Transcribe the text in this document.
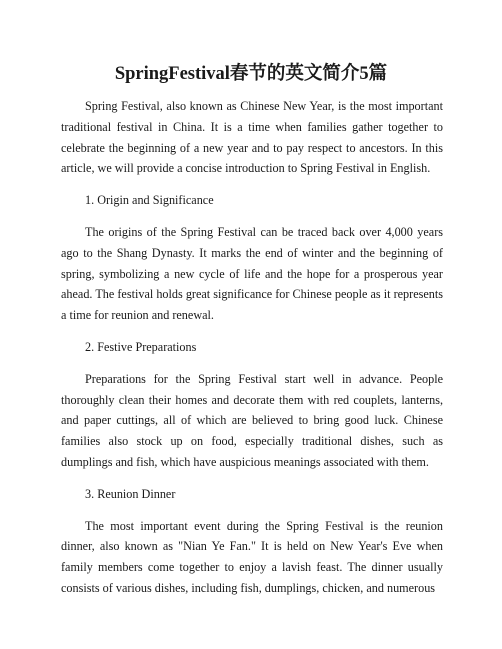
SpringFestival春节的英文简介5篇

Spring Festival, also known as Chinese New Year, is the most important traditional festival in China. It is a time when families gather together to celebrate the beginning of a new year and to pay respect to ancestors. In this article, we will provide a concise introduction to Spring Festival in English.

1. Origin and Significance

The origins of the Spring Festival can be traced back over 4,000 years ago to the Shang Dynasty. It marks the end of winter and the beginning of spring, symbolizing a new cycle of life and the hope for a prosperous year ahead. The festival holds great significance for Chinese people as it represents a time for reunion and renewal.

2. Festive Preparations

Preparations for the Spring Festival start well in advance. People thoroughly clean their homes and decorate them with red couplets, lanterns, and paper cuttings, all of which are believed to bring good luck. Chinese families also stock up on food, especially traditional dishes, such as dumplings and fish, which have auspicious meanings associated with them.

3. Reunion Dinner

The most important event during the Spring Festival is the reunion dinner, also known as "Nian Ye Fan." It is held on New Year's Eve when family members come together to enjoy a lavish feast. The dinner usually consists of various dishes, including fish, dumplings, chicken, and numerous
